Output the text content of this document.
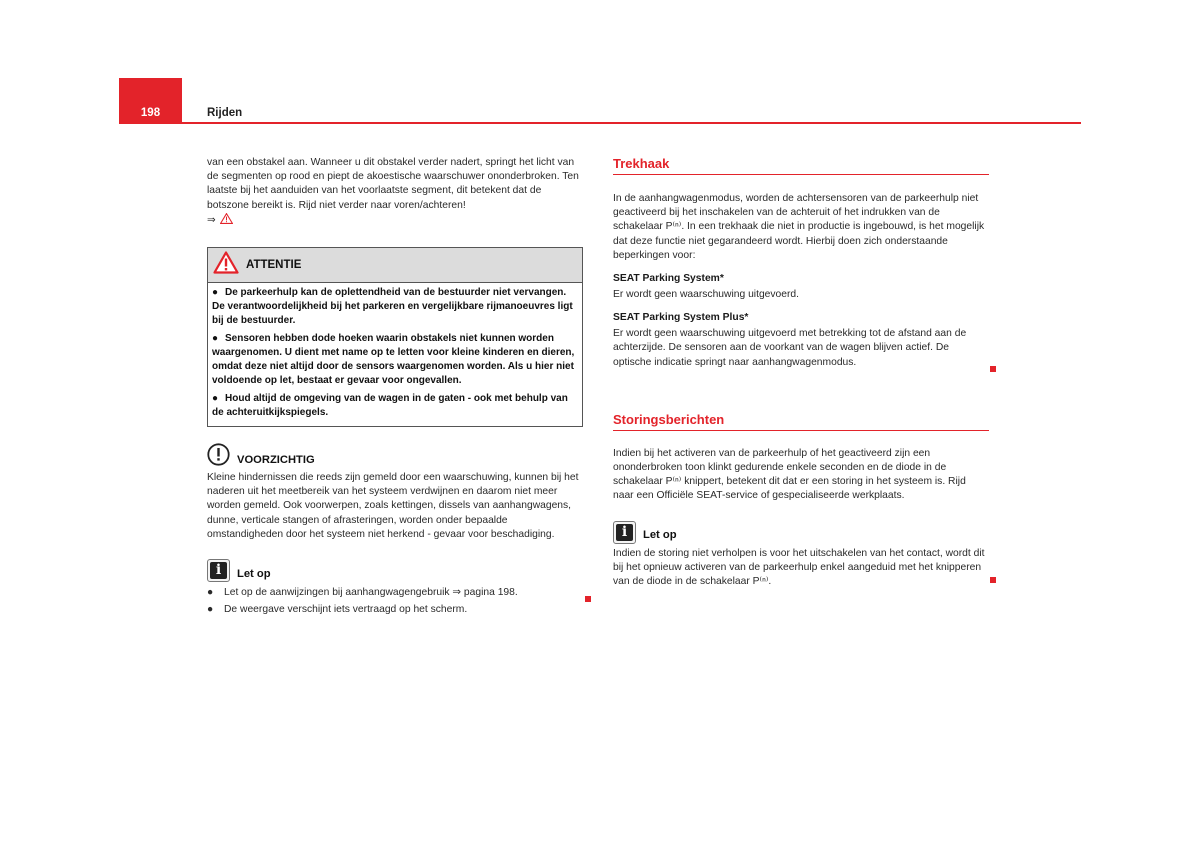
198	Rijden

van een obstakel aan. Wanneer u dit obstakel verder nadert, springt het licht van de segmenten op rood en piept de akoestische waarschuwer ononderbroken. Ten laatste bij het aanduiden van het voorlaatste segment, dit betekent dat de botszone bereikt is. Rijd niet verder naar voren/achteren!
⇒

ATTENTIE
● De parkeerhulp kan de oplettendheid van de bestuurder niet vervangen. De verantwoordelijkheid bij het parkeren en vergelijkbare rijmanoeuvres ligt bij de bestuurder.
● Sensoren hebben dode hoeken waarin obstakels niet kunnen worden waargenomen. U dient met name op te letten voor kleine kinderen en dieren, omdat deze niet altijd door de sensors waargenomen worden. Als u hier niet voldoende op let, bestaat er gevaar voor ongevallen.
● Houd altijd de omgeving van de wagen in de gaten - ook met behulp van de achteruitkijkspiegels.
VOORZICHTIG

Kleine hindernissen die reeds zijn gemeld door een waarschuwing, kunnen bij het naderen uit het meetbereik van het systeem verdwijnen en daarom niet meer worden gemeld. Ook voorwerpen, zoals kettingen, dissels van aanhangwagens, dunne, verticale stangen of afrasteringen, worden onder bepaalde omstandigheden door het systeem niet herkend - gevaar voor beschadiging.

i	Let op
● Let op de aanwijzingen bij aanhangwagengebruik ⇒ pagina 198.
● De weergave verschijnt iets vertraagd op het scherm.
Trekhaak

In de aanhangwagenmodus, worden de achtersensoren van de parkeerhulp niet geactiveerd bij het inschakelen van de achteruit of het indrukken van de schakelaar P⁽ⁿ⁾. In een trekhaak die niet in productie is ingebouwd, is het mogelijk dat deze functie niet gegarandeerd wordt. Hierbij doen zich onderstaande beperkingen voor:

SEAT Parking System*

Er wordt geen waarschuwing uitgevoerd.

SEAT Parking System Plus*

Er wordt geen waarschuwing uitgevoerd met betrekking tot de afstand aan de achterzijde. De sensoren aan de voorkant van de wagen blijven actief. De optische indicatie springt naar aanhangwagenmodus.

Storingsberichten

Indien bij het activeren van de parkeerhulp of het geactiveerd zijn een ononderbroken toon klinkt gedurende enkele seconden en de diode in de schakelaar P⁽ⁿ⁾ knippert, betekent dit dat er een storing in het systeem is. Rijd naar een Officiële SEAT-service of gespecialiseerde werkplaats.

i	Let op

Indien de storing niet verholpen is voor het uitschakelen van het contact, wordt dit bij het opnieuw activeren van de parkeerhulp enkel aangeduid met het knipperen van de diode in de schakelaar P⁽ⁿ⁾.
